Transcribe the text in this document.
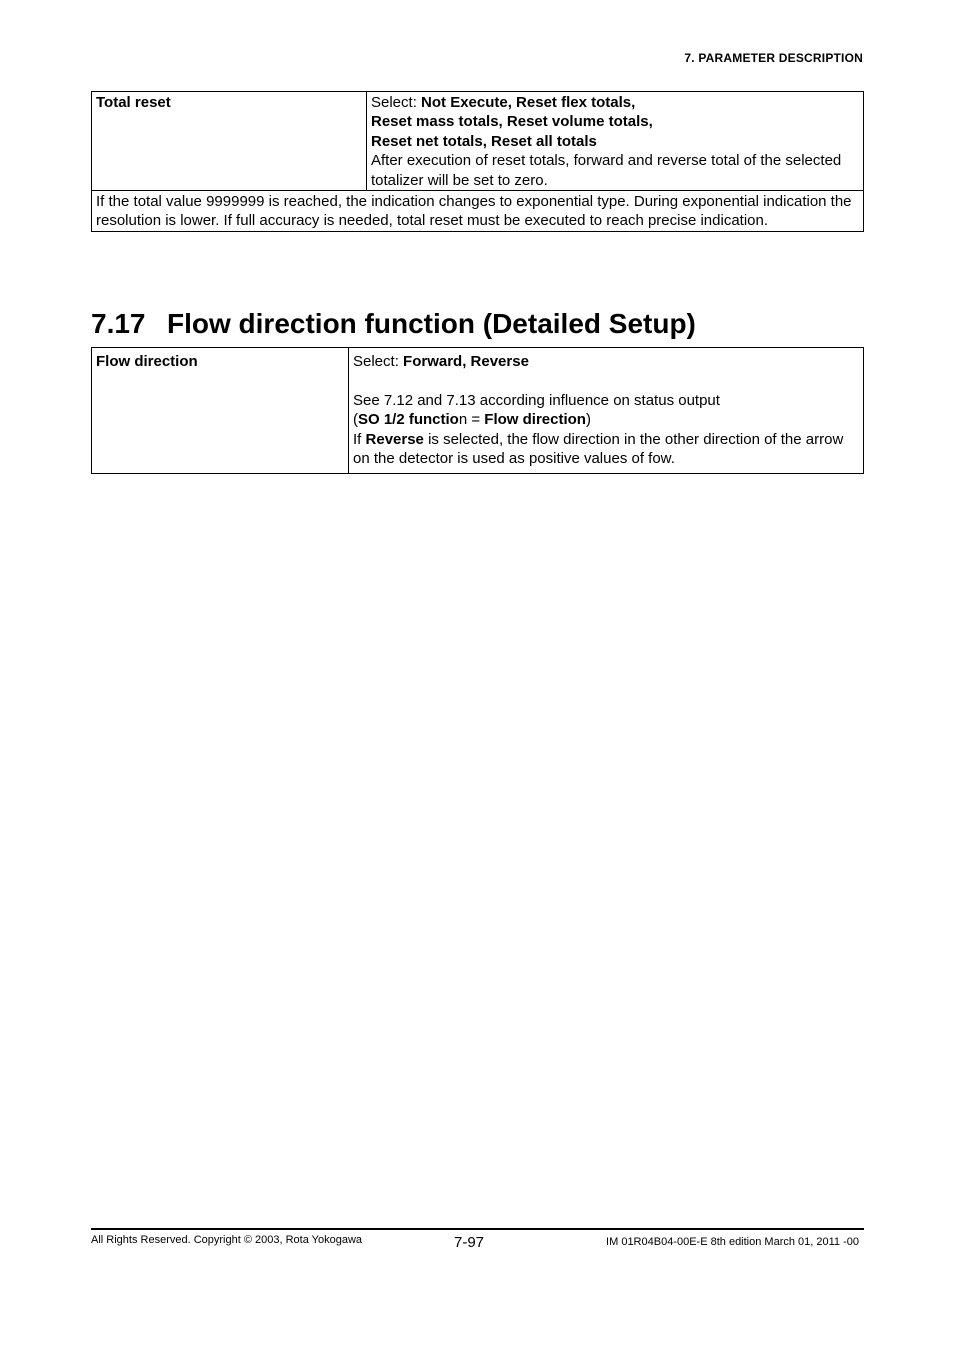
7. PARAMETER DESCRIPTION
Total reset	Select: Not Execute, Reset flex totals,
Reset mass totals, Reset volume totals,
Reset net totals, Reset all totals
After execution of reset totals, forward and reverse total of the selected totalizer will be set to zero.

If the total value 9999999 is reached, the indication changes to exponential type. During exponential indication the resolution is lower. If full accuracy is needed, total reset must be executed to reach precise indication.
7.17 Flow direction function (Detailed Setup)
Flow direction	Select: Forward, Reverse
See 7.12 and 7.13 according influence on status output
(SO 1/2 function = Flow direction)
If Reverse is selected, the flow direction in the other direction of the arrow on the detector is used as positive values of fow.
All Rights Reserved. Copyright © 2003, Rota Yokogawa	7-97	IM 01R04B04-00E-E 8th edition March 01, 2011 -00
